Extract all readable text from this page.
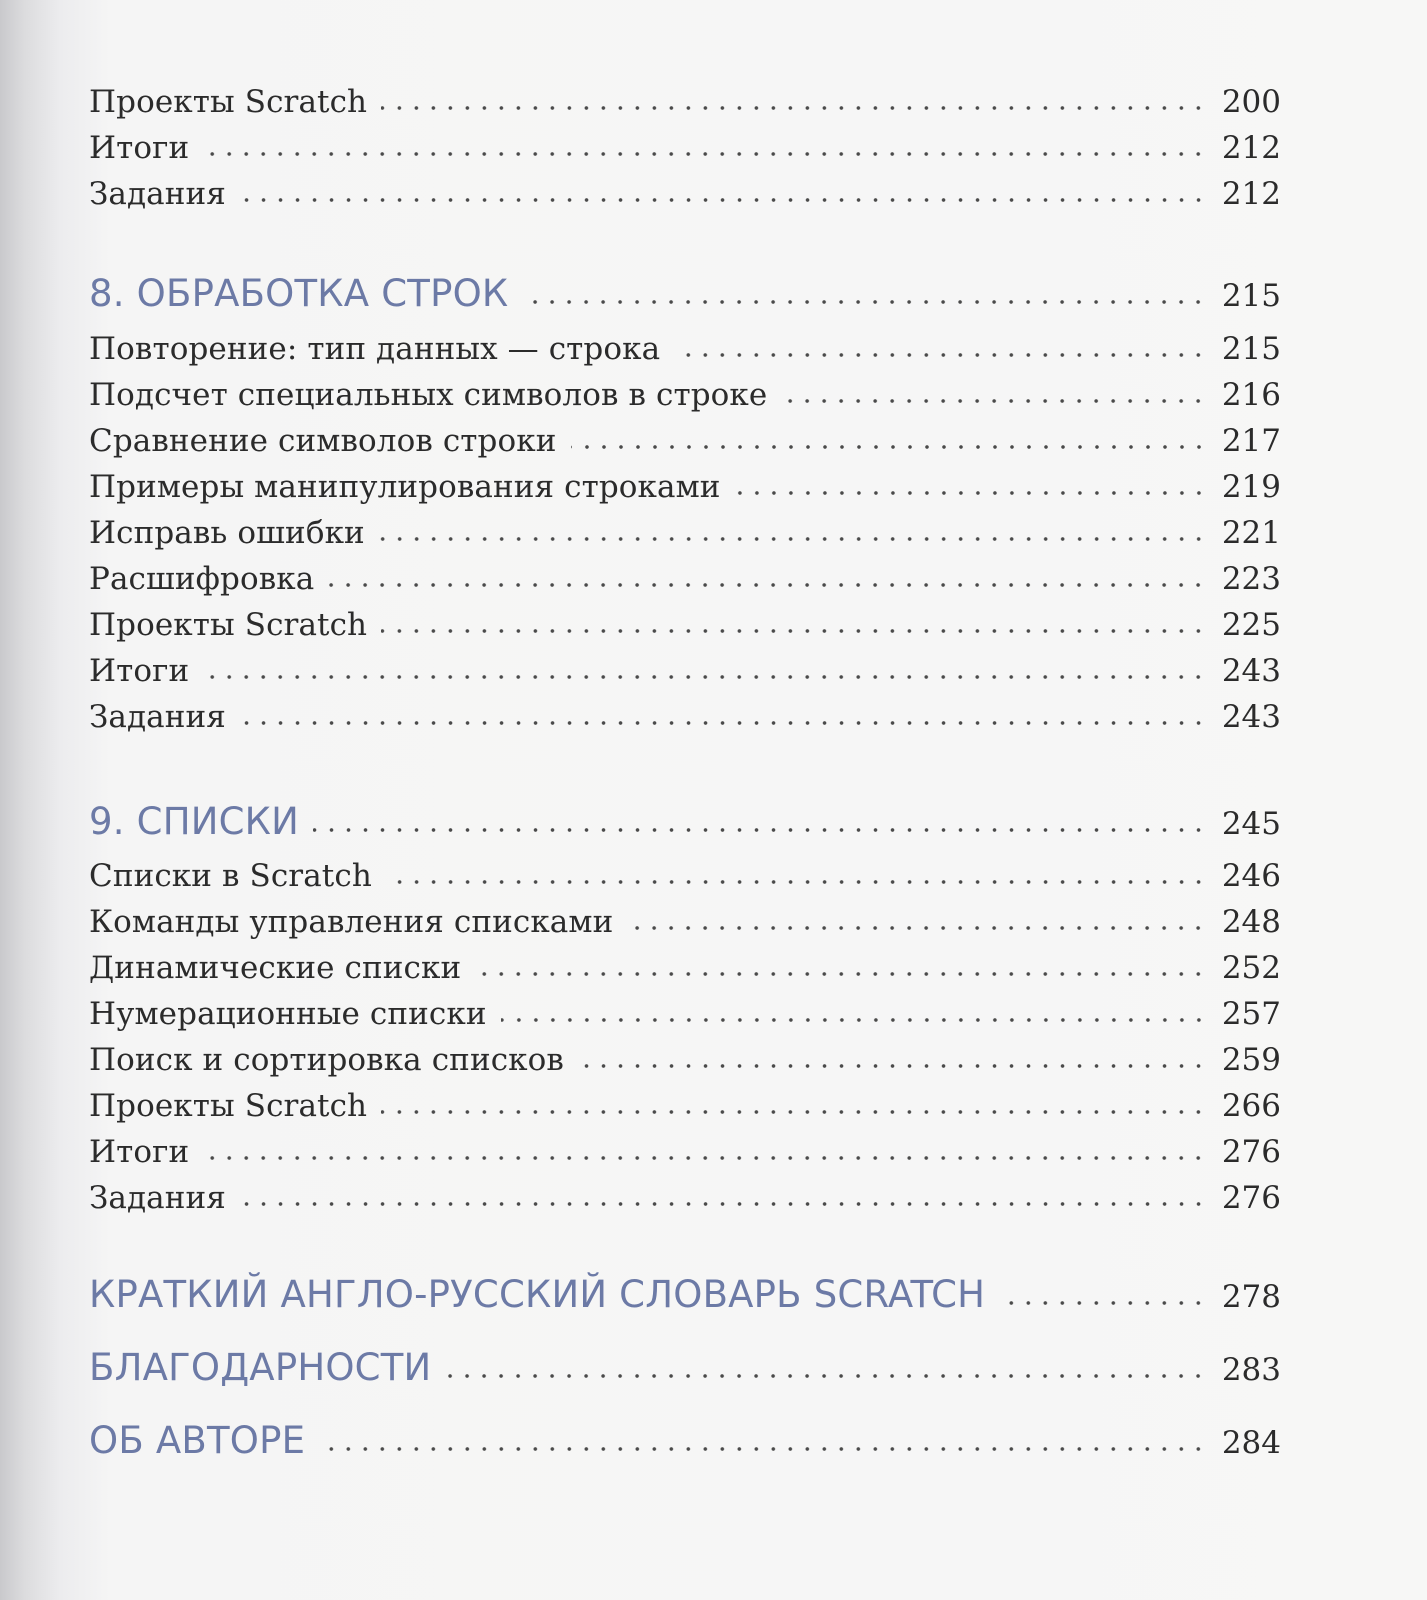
Проекты Scratch	200
Итоги	212
Задания	212
8. ОБРАБОТКА СТРОК	215
Повторение: тип данных — строка	215
Подсчет специальных символов в строке	216
Сравнение символов строки	217
Примеры манипулирования строками	219
Исправь ошибки	221
Расшифровка	223
Проекты Scratch	225
Итоги	243
Задания	243
9. СПИСКИ	245
Списки в Scratch	246
Команды управления списками	248
Динамические списки	252
Нумерационные списки	257
Поиск и сортировка списков	259
Проекты Scratch	266
Итоги	276
Задания	276
КРАТКИЙ АНГЛО-РУССКИЙ СЛОВАРЬ SCRATCH	278
БЛАГОДАРНОСТИ	283
ОБ АВТОРЕ	284
